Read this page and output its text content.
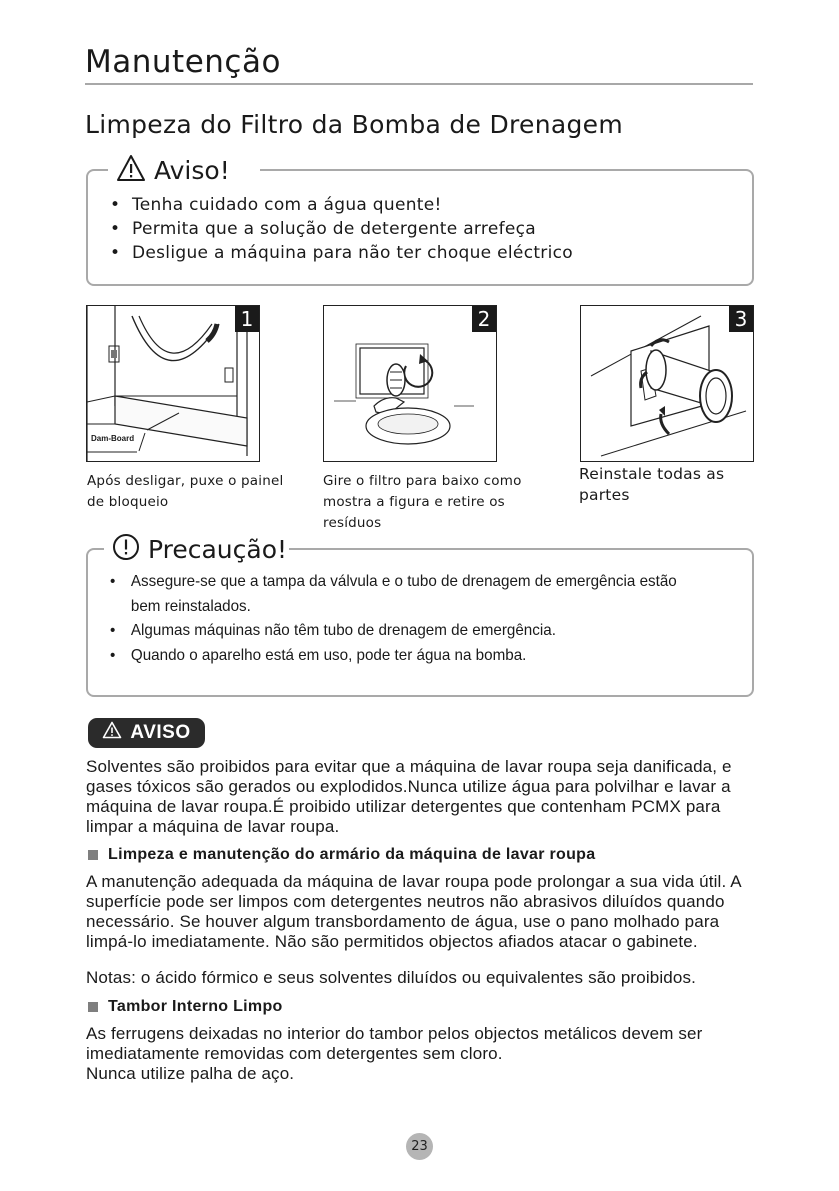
Manutenção
Limpeza do Filtro da Bomba de Drenagem
Aviso!
• Tenha cuidado com a água quente!
• Permita que a solução de detergente arrefeça
• Desligue a máquina para não ter choque eléctrico
1
Dam-Board
Após desligar, puxe o painel de bloqueio
2
Gire o filtro para baixo como mostra a figura e retire os resíduos
3
Reinstale todas as partes
Precaução!
• Assegure-se que a tampa da válvula e o tubo de drenagem de emergência estão bem reinstalados.
• Algumas máquinas não têm tubo de drenagem de emergência.
• Quando o aparelho está em uso, pode ter água na bomba.
AVISO
Solventes são proibidos para evitar que a máquina de lavar roupa seja danificada, e gases tóxicos são gerados ou explodidos.Nunca utilize água para polvilhar e lavar a máquina de lavar roupa.É proibido utilizar detergentes que contenham PCMX para limpar a máquina de lavar roupa.
Limpeza e manutenção do armário da máquina de lavar roupa
A manutenção adequada da máquina de lavar roupa pode prolongar a sua vida útil. A superfície pode ser limpos com detergentes neutros não abrasivos diluídos quando necessário. Se houver algum transbordamento de água, use o pano molhado para limpá-lo imediatamente. Não são permitidos objectos afiados atacar o gabinete.
Notas: o ácido fórmico e seus solventes diluídos ou equivalentes são proibidos.
Tambor Interno Limpo
As ferrugens deixadas no interior do tambor pelos objectos metálicos devem ser imediatamente removidas com detergentes sem cloro.
Nunca utilize palha de aço.
23
